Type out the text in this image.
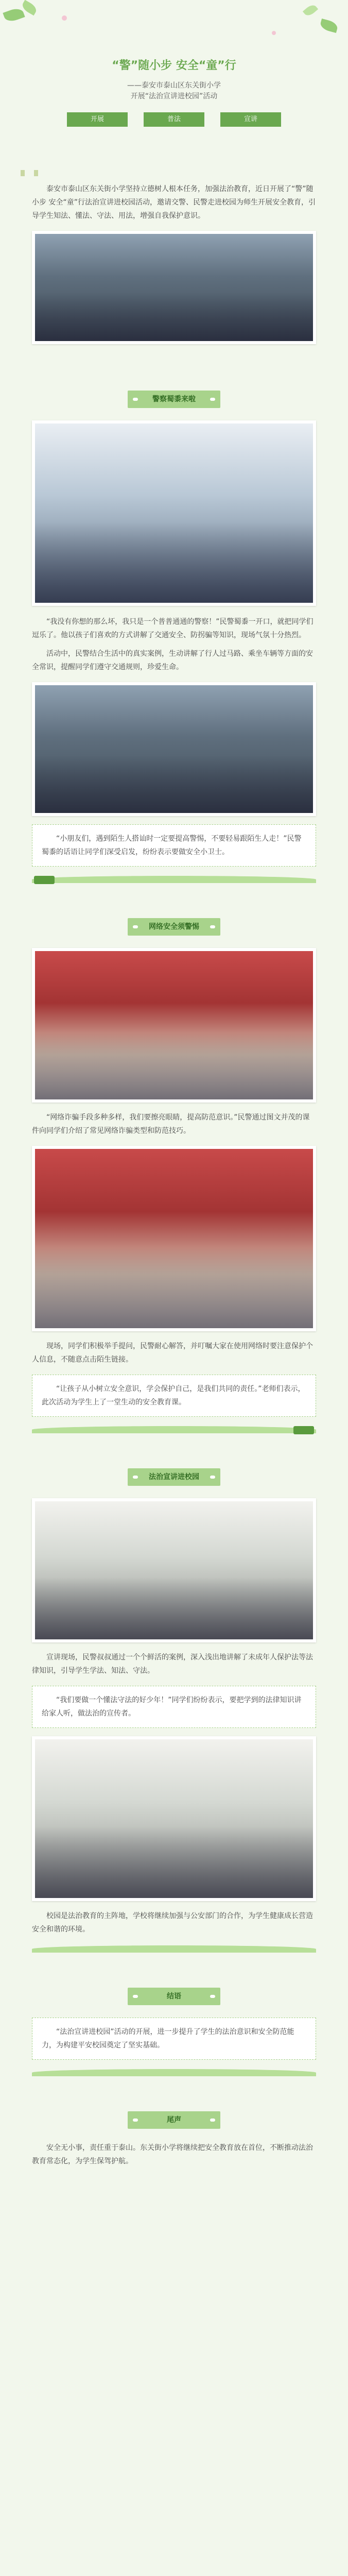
“警”随小步 安全“童”行
——泰安市泰山区东关街小学
开展“法治宣讲进校园”活动
开展	普法	宣讲

泰安市泰山区东关街小学坚持立德树人根本任务，加强法治教育，近日开展了“警”随小步 安全“童”行法治宣讲进校园活动，邀请交警、民警走进校园为师生开展安全教育，引导学生知法、懂法、守法、用法，增强自我保护意识。

警察蜀黍来啦

“我没有你想的那么坏，我只是一个普普通通的警察！”民警蜀黍一开口，就把同学们逗乐了。他以孩子们喜欢的方式讲解了交通安全、防拐骗等知识，现场气氛十分热烈。

活动中，民警结合生活中的真实案例，生动讲解了行人过马路、乘坐车辆等方面的安全常识，提醒同学们遵守交通规则，珍爱生命。

“小朋友们，遇到陌生人搭讪时一定要提高警惕，不要轻易跟陌生人走！”民警蜀黍的话语让同学们深受启发，纷纷表示要做安全小卫士。
网络安全须警惕

“网络诈骗手段多种多样，我们要擦亮眼睛，提高防范意识。”民警通过图文并茂的课件向同学们介绍了常见网络诈骗类型和防范技巧。

现场，同学们积极举手提问，民警耐心解答，并叮嘱大家在使用网络时要注意保护个人信息，不随意点击陌生链接。

“让孩子从小树立安全意识，学会保护自己，是我们共同的责任。”老师们表示，此次活动为学生上了一堂生动的安全教育课。
法治宣讲进校园

宣讲现场，民警叔叔通过一个个鲜活的案例，深入浅出地讲解了未成年人保护法等法律知识，引导学生学法、知法、守法。

“我们要做一个懂法守法的好少年！”同学们纷纷表示，要把学到的法律知识讲给家人听，做法治的宣传者。

校园是法治教育的主阵地，学校将继续加强与公安部门的合作，为学生健康成长营造安全和谐的环境。

结语
“法治宣讲进校园”活动的开展，进一步提升了学生的法治意识和安全防范能力，为构建平安校园奠定了坚实基础。
尾声

安全无小事，责任重于泰山。东关街小学将继续把安全教育放在首位，不断推动法治教育常态化，为学生保驾护航。
